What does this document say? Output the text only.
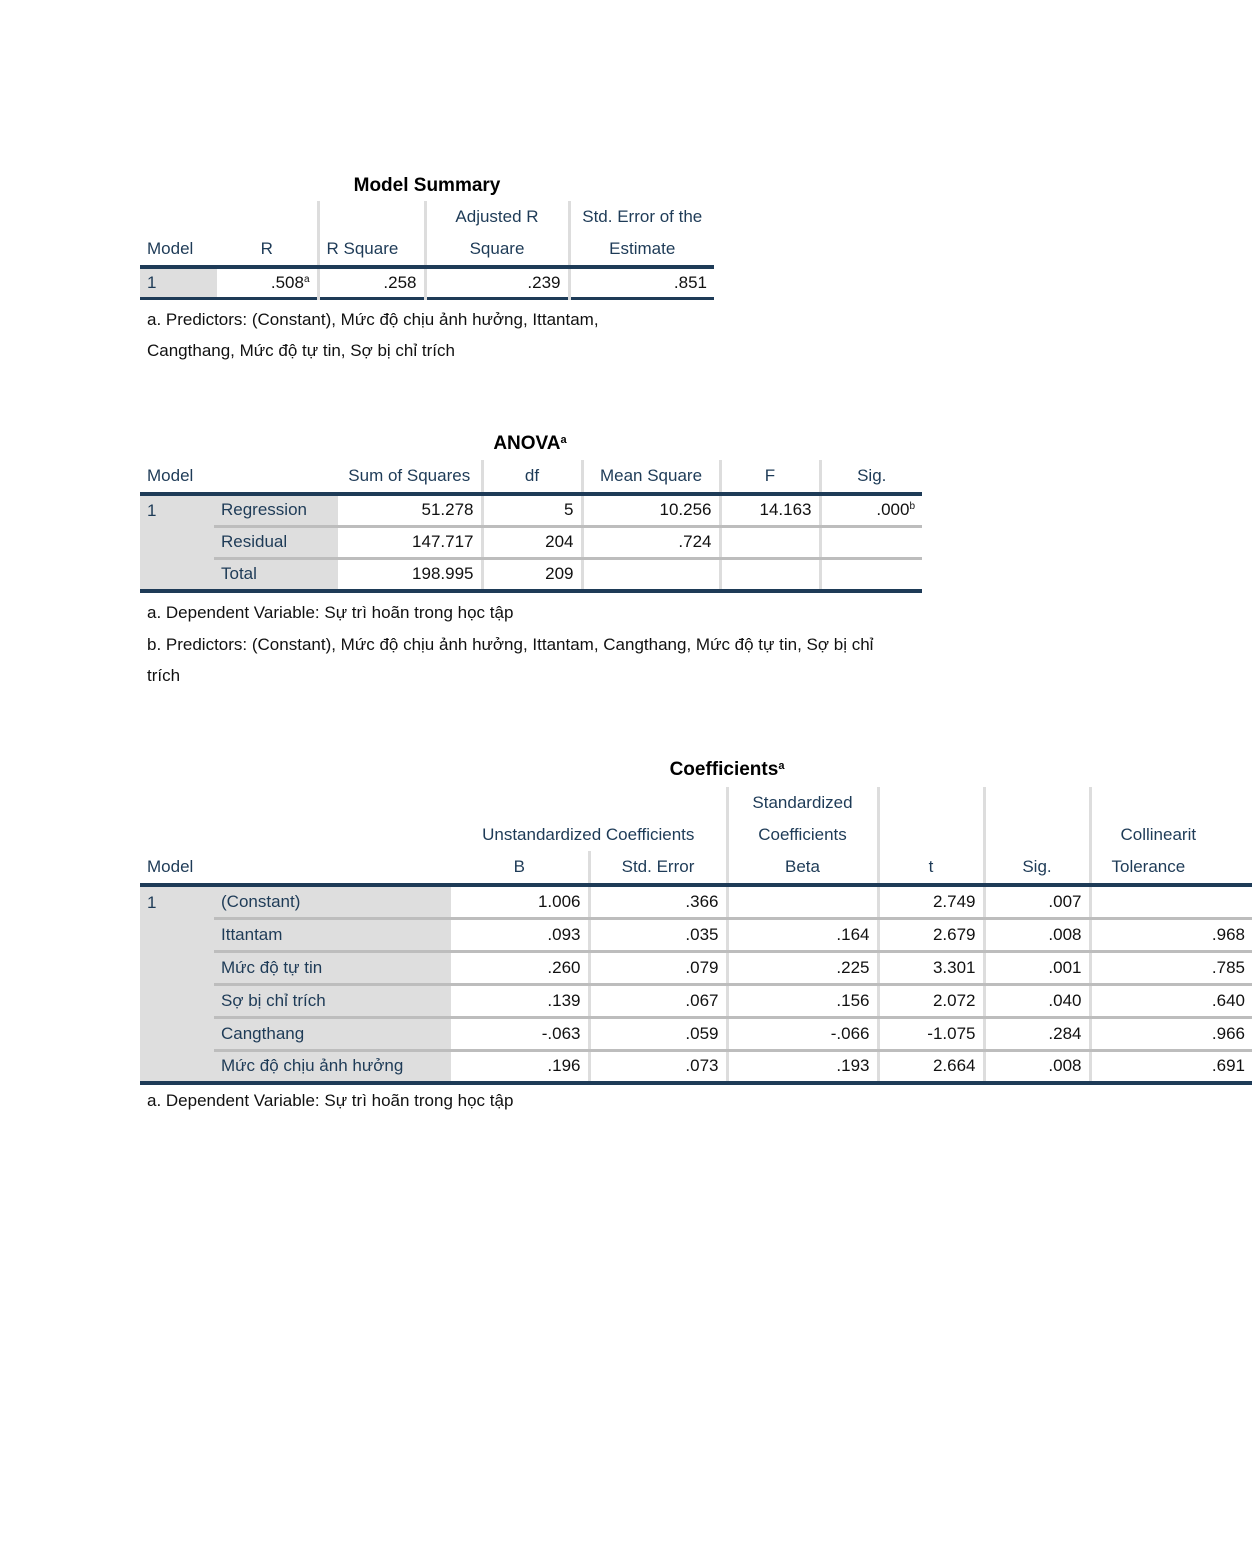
Model Summary
			Adjusted R	Std. Error of the
Model	R	R Square	Square	Estimate
1	.508$^a$	.258	.239	.851
a. Predictors: (Constant), Mức độ chịu ảnh hưởng, Ittantam,
Cangthang, Mức độ tự tin, Sợ bị chỉ trích
ANOVA$^a$
Model		Sum of Squares	df	Mean Square	F	Sig.
1	Regression	51.278	5	10.256	14.163	.000$^b$
	Residual	147.717	204	.724		
	Total	198.995	209			
a. Dependent Variable: Sự trì hoãn trong học tập
b. Predictors: (Constant), Mức độ chịu ảnh hưởng, Ittantam, Cangthang, Mức độ tự tin, Sợ bị chỉ
trích
Coefficients$^a$
				Standardized			
		Unstandardized Coefficients		Coefficients			Collinearit
Model		B	Std. Error	Beta	t	Sig.	Tolerance
1	(Constant)	1.006	.366		2.749	.007	
	Ittantam	.093	.035	.164	2.679	.008	.968
	Mức độ tự tin	.260	.079	.225	3.301	.001	.785
	Sợ bị chỉ trích	.139	.067	.156	2.072	.040	.640
	Cangthang	-.063	.059	-.066	-1.075	.284	.966
	Mức độ chịu ảnh hưởng	.196	.073	.193	2.664	.008	.691
a. Dependent Variable: Sự trì hoãn trong học tập
